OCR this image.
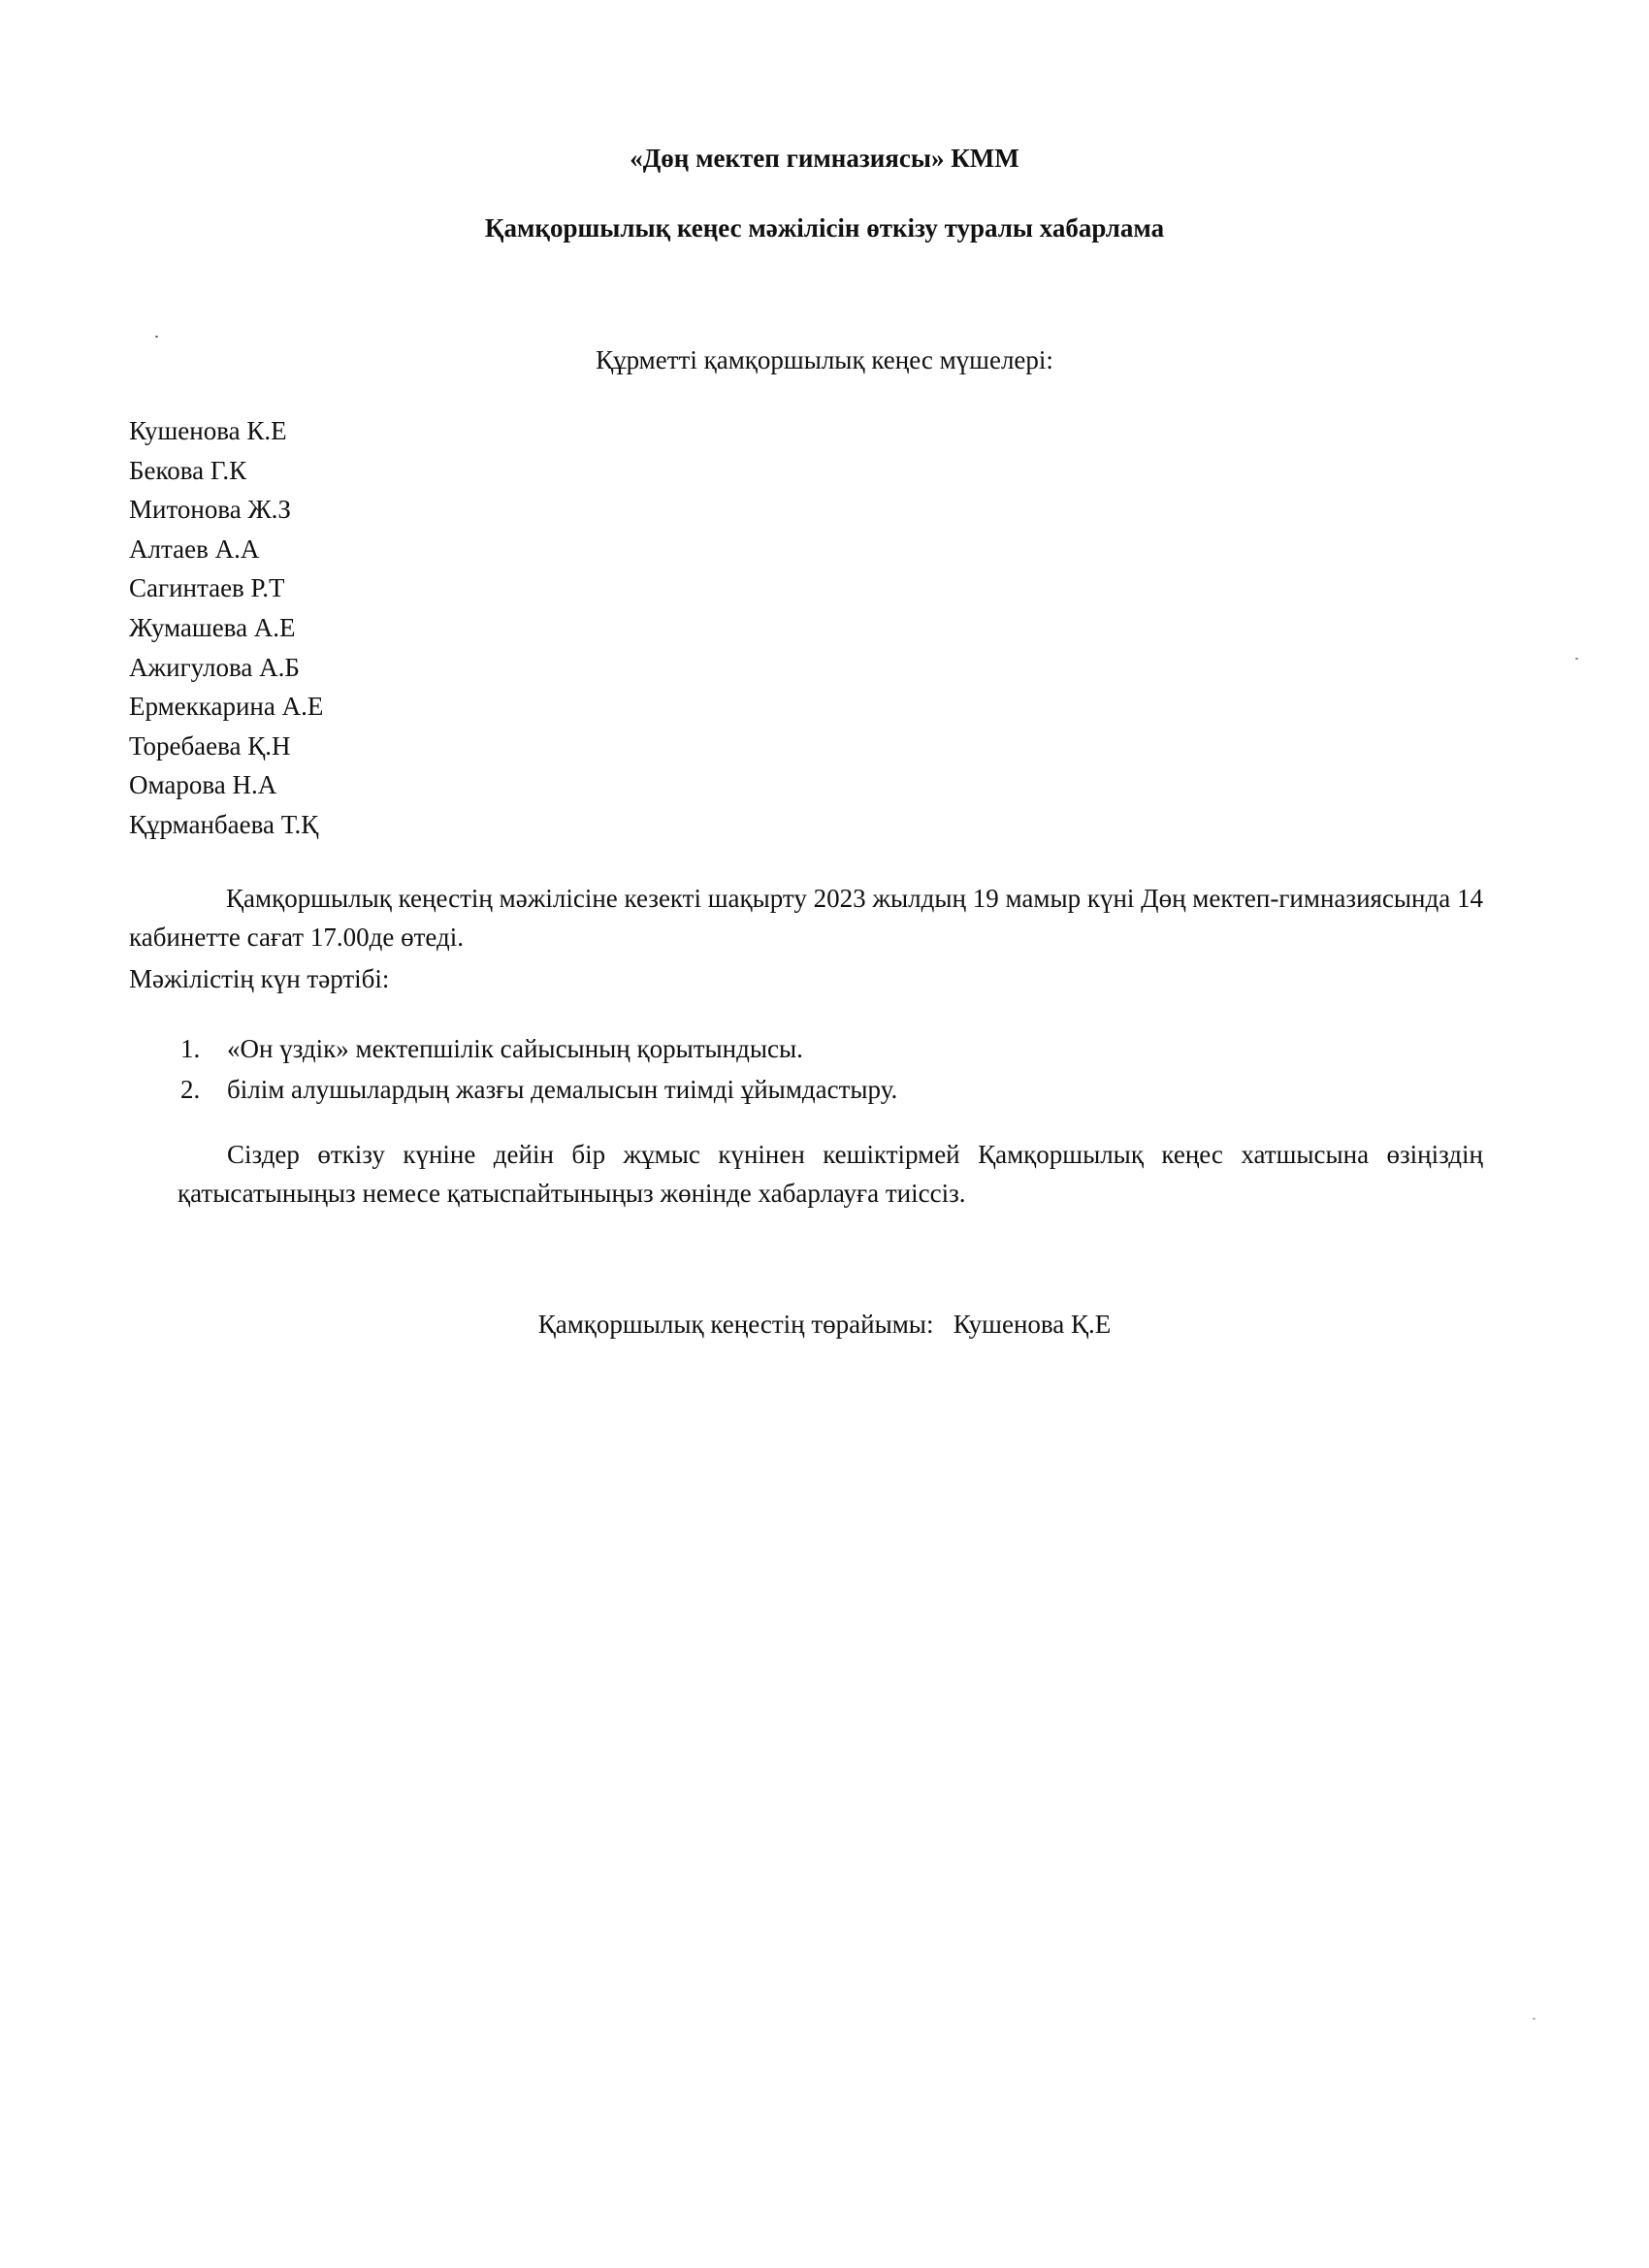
«Дөң мектеп гимназиясы» КММ
Қамқоршылық кеңес мәжілісін өткізу туралы хабарлама
Құрметті қамқоршылық кеңес мүшелері:
Кушенова К.Е
Бекова Г.К
Митонова Ж.З
Алтаев А.А
Сагинтаев Р.Т
Жумашева А.Е
Ажигулова А.Б
Ермеккарина А.Е
Торебаева Қ.Н
Омарова Н.А
Құрманбаева Т.Қ

Қамқоршылық кеңестің мәжілісіне кезекті шақырту 2023 жылдың 19 мамыр күні Дөң мектеп-гимназиясында 14 кабинетте сағат 17.00де өтеді.

Мәжілістің күн тәртібі:

1. «Он үздік» мектепшілік сайысының қорытындысы.
2. білім алушылардың жазғы демалысын тиімді ұйымдастыру.

Сіздер өткізу күніне дейін бір жұмыс күнінен кешіктірмей Қамқоршылық кеңес хатшысына өзіңіздің қатысатыныңыз немесе қатыспайтыныңыз жөнінде хабарлауға тиіссіз.

Қамқоршылық кеңестің төрайымы:   Кушенова Қ.Е
